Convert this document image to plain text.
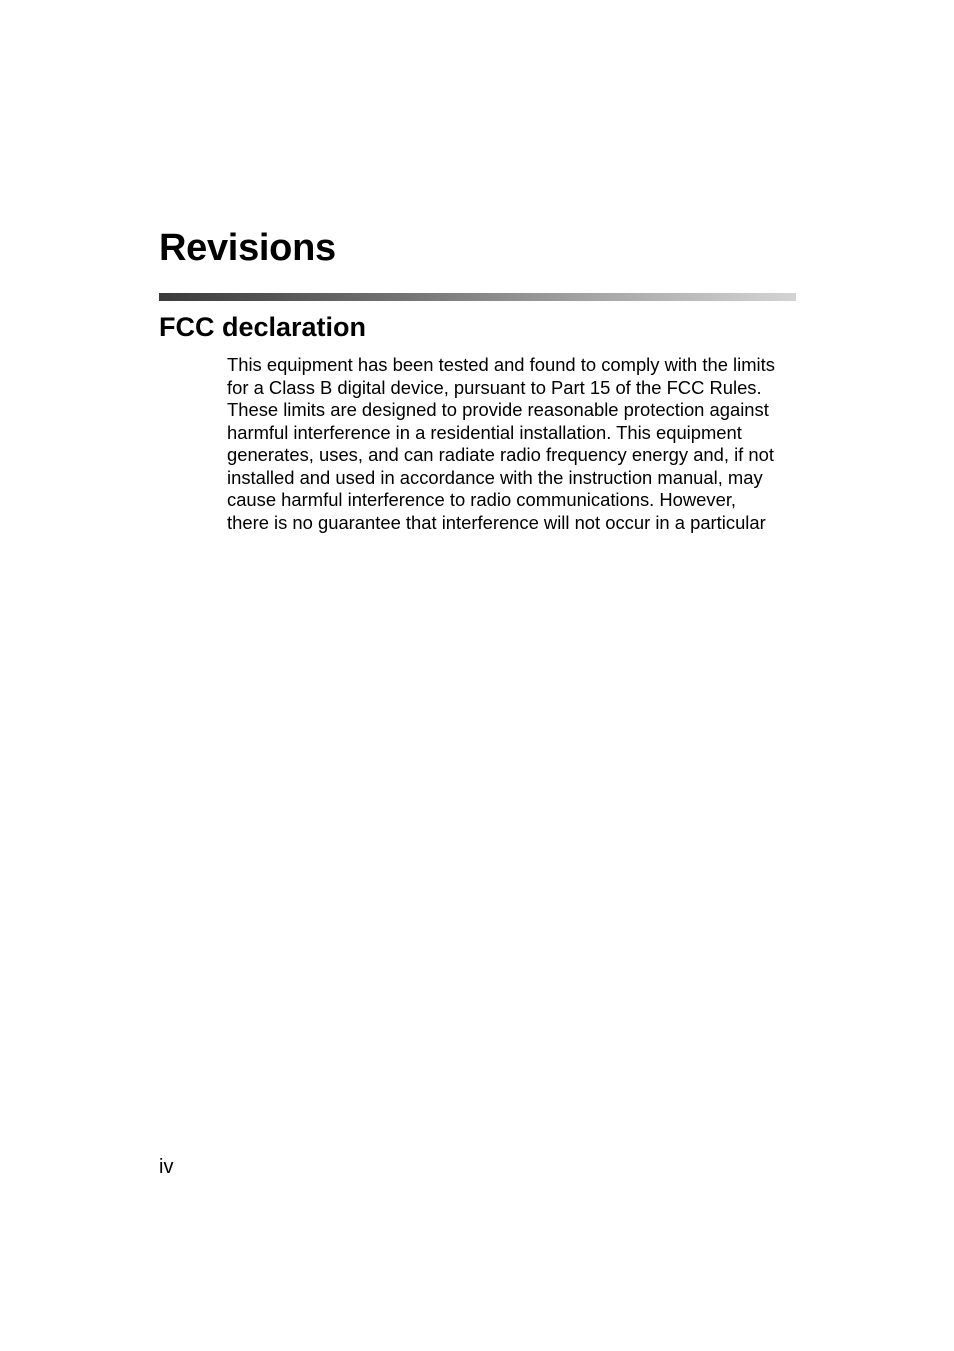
Revisions
FCC declaration

This equipment has been tested and found to comply with the limits
for a Class B digital device, pursuant to Part 15 of the FCC Rules.
These limits are designed to provide reasonable protection against
harmful interference in a residential installation. This equipment
generates, uses, and can radiate radio frequency energy and, if not
installed and used in accordance with the instruction manual, may
cause harmful interference to radio communications. However,
there is no guarantee that interference will not occur in a particular

iv
